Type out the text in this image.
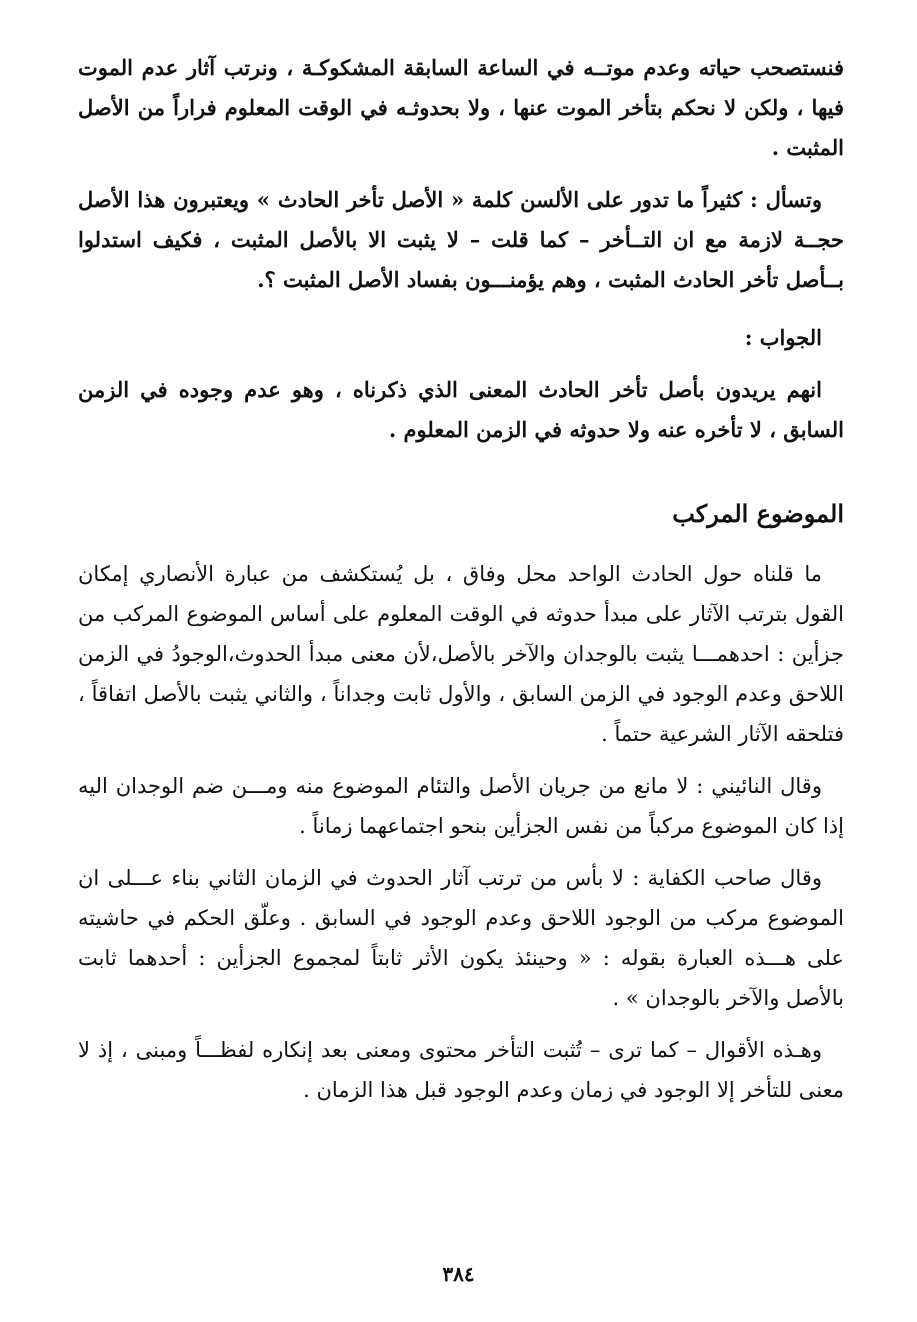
فنستصحب حياته وعدم موتــه في الساعة السابقة المشكوكـة ، ونرتب آثار عدم الموت فيها ، ولكن لا نحكم بتأخر الموت عنها ، ولا بحدوثـه في الوقت المعلوم فراراً من الأصل المثبت .

وتسأل : كثيراً ما تدور على الألسن كلمة « الأصل تأخر الحادث » ويعتبرون هذا الأصل حجــة لازمة مع ان التــأخر – كما قلت – لا يثبت الا بالأصل المثبت ، فكيف استدلوا بــأصل تأخر الحادث المثبت ، وهم يؤمنـــون بفساد الأصل المثبت ؟.

الجواب :

انهم يريدون بأصل تأخر الحادث المعنى الذي ذكرناه ، وهو عدم وجوده في الزمن السابق ، لا تأخره عنه ولا حدوثه في الزمن المعلوم .

الموضوع المركب

ما قلناه حول الحادث الواحد محل وفاق ، بل يُستكشف من عبارة الأنصاري إمكان القول بترتب الآثار على مبدأ حدوثه في الوقت المعلوم على أساس الموضوع المركب من جزأين : احدهمـــا يثبت بالوجدان والآخر بالأصل،لأن معنى مبدأ الحدوث،الوجودُ في الزمن اللاحق وعدم الوجود في الزمن السابق ، والأول ثابت وجداناً ، والثاني يثبت بالأصل اتفاقاً ، فتلحقه الآثار الشرعية حتماً .

وقال النائيني : لا مانع من جريان الأصل والتئام الموضوع منه ومـــن ضم الوجدان اليه إذا كان الموضوع مركباً من نفس الجزأين بنحو اجتماعهما زماناً .

وقال صاحب الكفاية : لا بأس من ترتب آثار الحدوث في الزمان الثاني بناء عـــلى ان الموضوع مركب من الوجود اللاحق وعدم الوجود في السابق . وعلّق الحكم في حاشيته على هـــذه العبارة بقوله : « وحينئذ يكون الأثر ثابتاً لمجموع الجزأين : أحدهما ثابت بالأصل والآخر بالوجدان » .

وهـذه الأقوال – كما ترى – تُثبت التأخر محتوى ومعنى بعد إنكاره لفظـــاً ومبنى ، إذ لا معنى للتأخر إلا الوجود في زمان وعدم الوجود قبل هذا الزمان .

٣٨٤
